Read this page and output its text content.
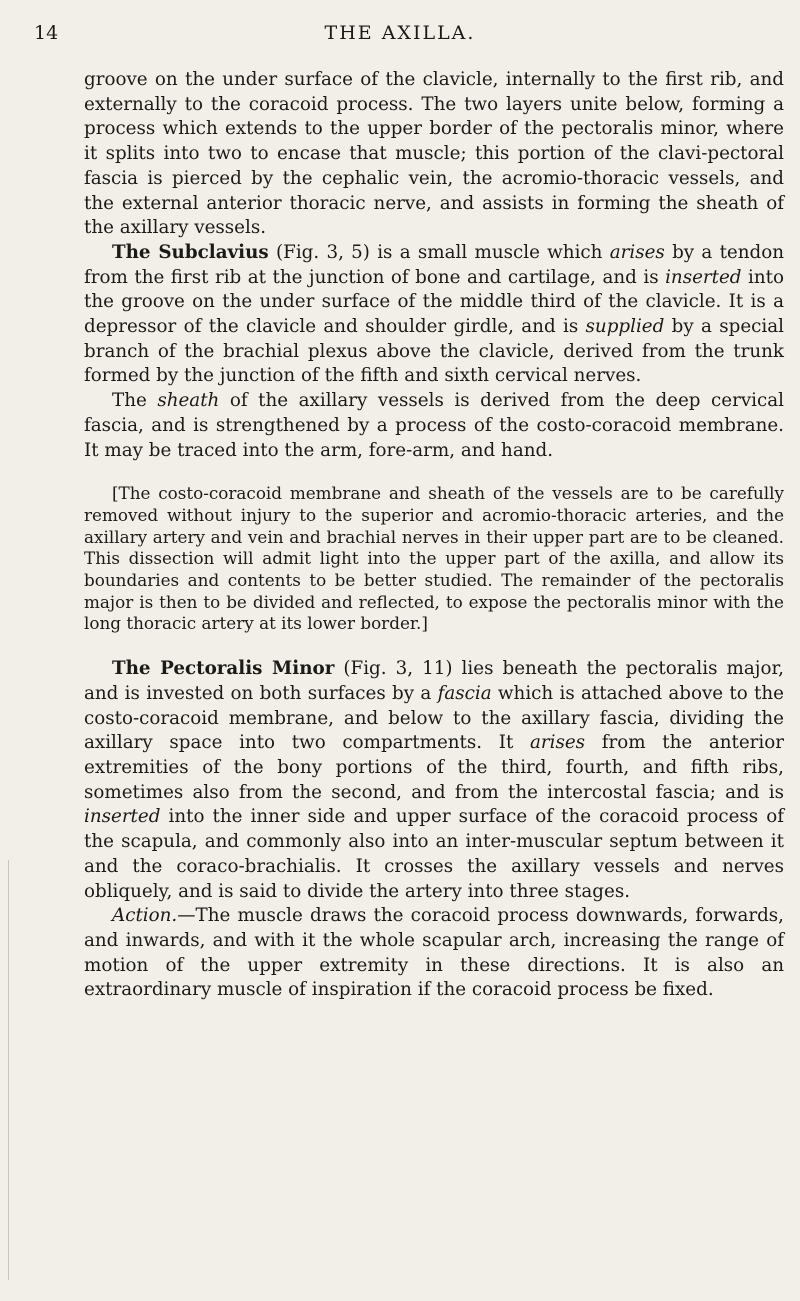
14	THE AXILLA.

groove on the under surface of the clavicle, internally to the first rib, and externally to the coracoid process. The two layers unite below, forming a process which extends to the upper border of the pectoralis minor, where it splits into two to encase that muscle; this portion of the clavi-pectoral fascia is pierced by the cephalic vein, the acromio-thoracic vessels, and the external anterior thoracic nerve, and assists in forming the sheath of the axillary vessels.

The Subclavius (Fig. 3, 5) is a small muscle which arises by a tendon from the first rib at the junction of bone and cartilage, and is inserted into the groove on the under surface of the middle third of the clavicle. It is a depressor of the clavicle and shoulder girdle, and is supplied by a special branch of the brachial plexus above the clavicle, derived from the trunk formed by the junction of the fifth and sixth cervical nerves.

The sheath of the axillary vessels is derived from the deep cervical fascia, and is strengthened by a process of the costo-coracoid membrane. It may be traced into the arm, fore-arm, and hand.

[The costo-coracoid membrane and sheath of the vessels are to be carefully removed without injury to the superior and acromio-thoracic arteries, and the axillary artery and vein and brachial nerves in their upper part are to be cleaned. This dissection will admit light into the upper part of the axilla, and allow its boundaries and contents to be better studied. The remainder of the pectoralis major is then to be divided and reflected, to expose the pectoralis minor with the long thoracic artery at its lower border.]

The Pectoralis Minor (Fig. 3, 11) lies beneath the pectoralis major, and is invested on both surfaces by a fascia which is attached above to the costo-coracoid membrane, and below to the axillary fascia, dividing the axillary space into two compartments. It arises from the anterior extremities of the bony portions of the third, fourth, and fifth ribs, sometimes also from the second, and from the intercostal fascia; and is inserted into the inner side and upper surface of the coracoid process of the scapula, and commonly also into an inter-muscular septum between it and the coraco-brachialis. It crosses the axillary vessels and nerves obliquely, and is said to divide the artery into three stages.

Action.—The muscle draws the coracoid process downwards, forwards, and inwards, and with it the whole scapular arch, increasing the range of motion of the upper extremity in these directions. It is also an extraordinary muscle of inspiration if the coracoid process be fixed.
